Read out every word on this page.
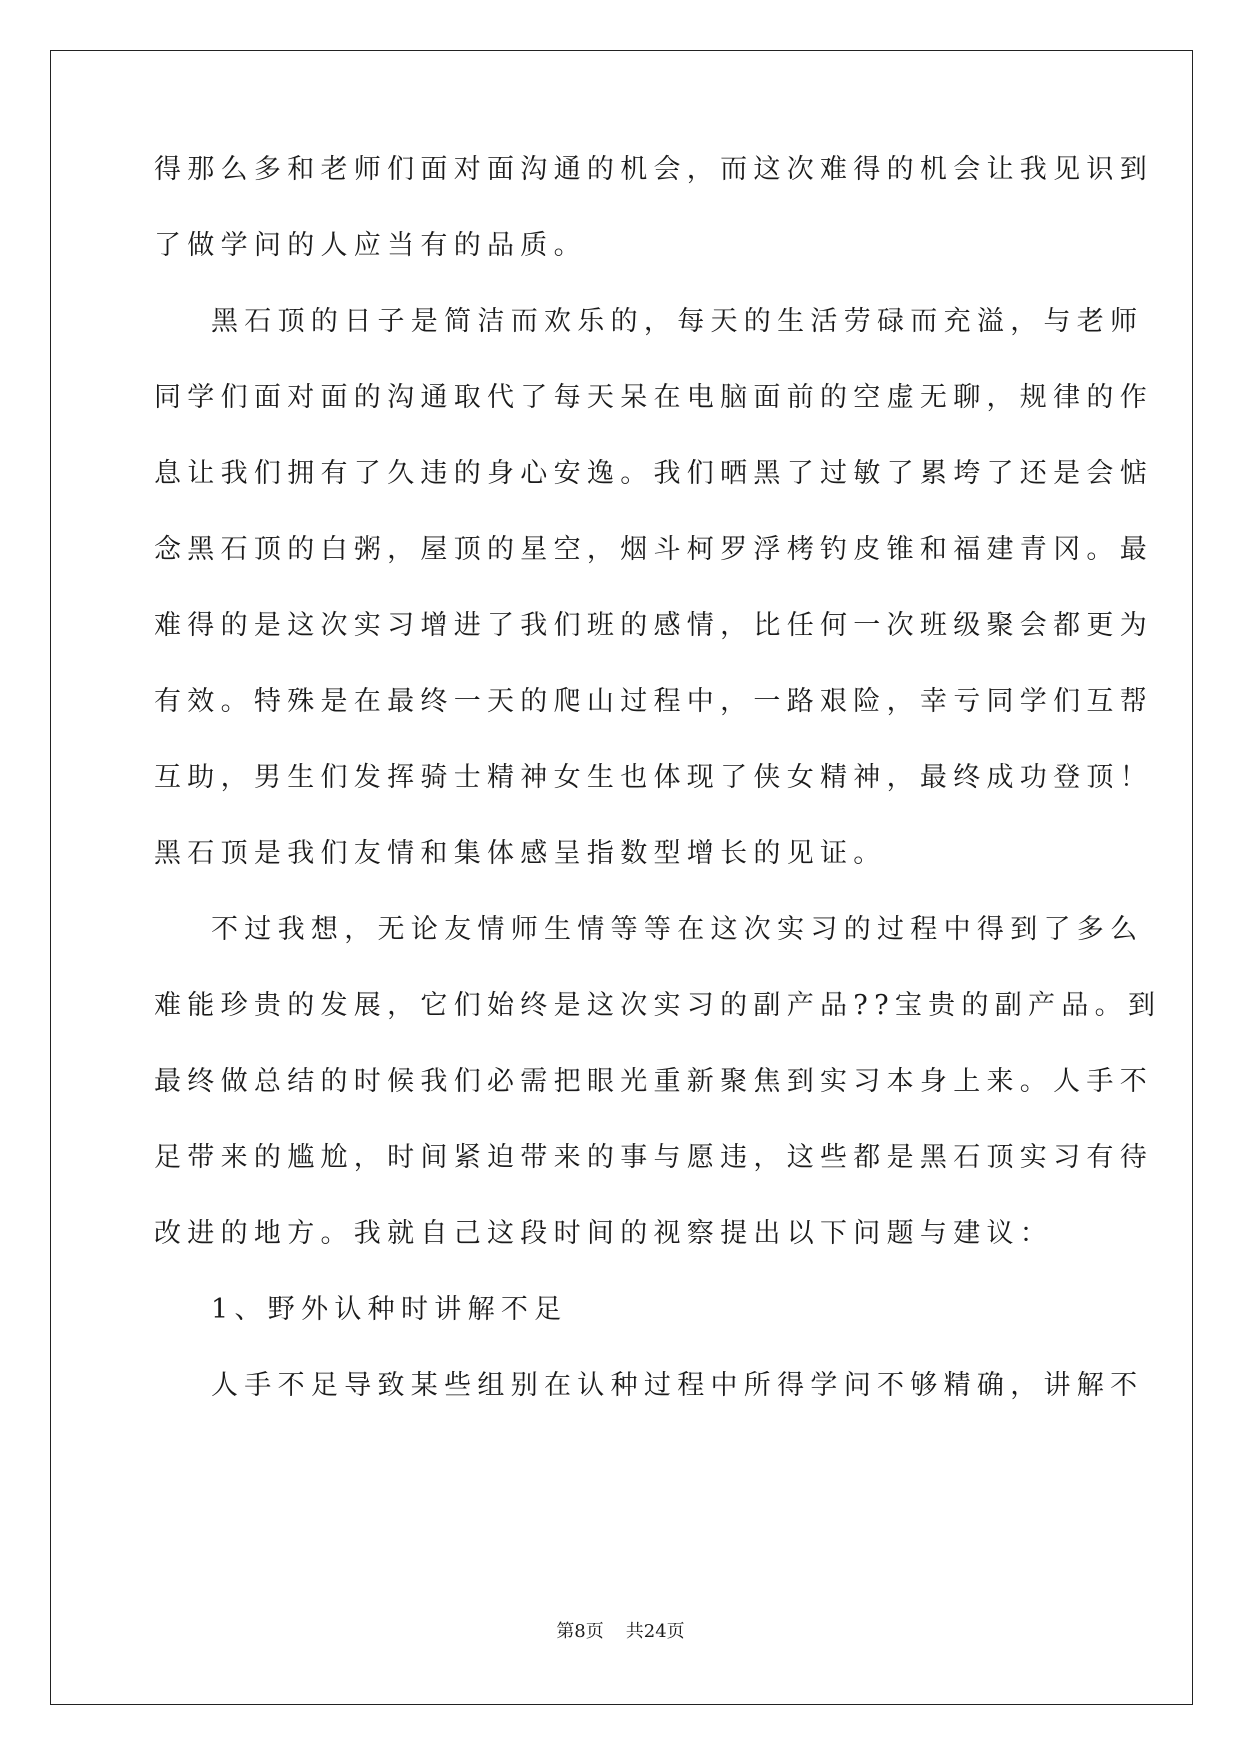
得那么多和老师们面对面沟通的机会，而这次难得的机会让我见识到
了做学问的人应当有的品质。
黑石顶的日子是简洁而欢乐的，每天的生活劳碌而充溢，与老师
同学们面对面的沟通取代了每天呆在电脑面前的空虚无聊，规律的作
息让我们拥有了久违的身心安逸。我们晒黑了过敏了累垮了还是会惦
念黑石顶的白粥，屋顶的星空，烟斗柯罗浮栲钓皮锥和福建青冈。最
难得的是这次实习增进了我们班的感情，比任何一次班级聚会都更为
有效。特殊是在最终一天的爬山过程中，一路艰险，幸亏同学们互帮
互助，男生们发挥骑士精神女生也体现了侠女精神，最终成功登顶！
黑石顶是我们友情和集体感呈指数型增长的见证。
不过我想，无论友情师生情等等在这次实习的过程中得到了多么
难能珍贵的发展，它们始终是这次实习的副产品??宝贵的副产品。到
最终做总结的时候我们必需把眼光重新聚焦到实习本身上来。人手不
足带来的尴尬，时间紧迫带来的事与愿违，这些都是黑石顶实习有待
改进的地方。我就自己这段时间的视察提出以下问题与建议：
1、野外认种时讲解不足
人手不足导致某些组别在认种过程中所得学问不够精确，讲解不
第8页 共24页
